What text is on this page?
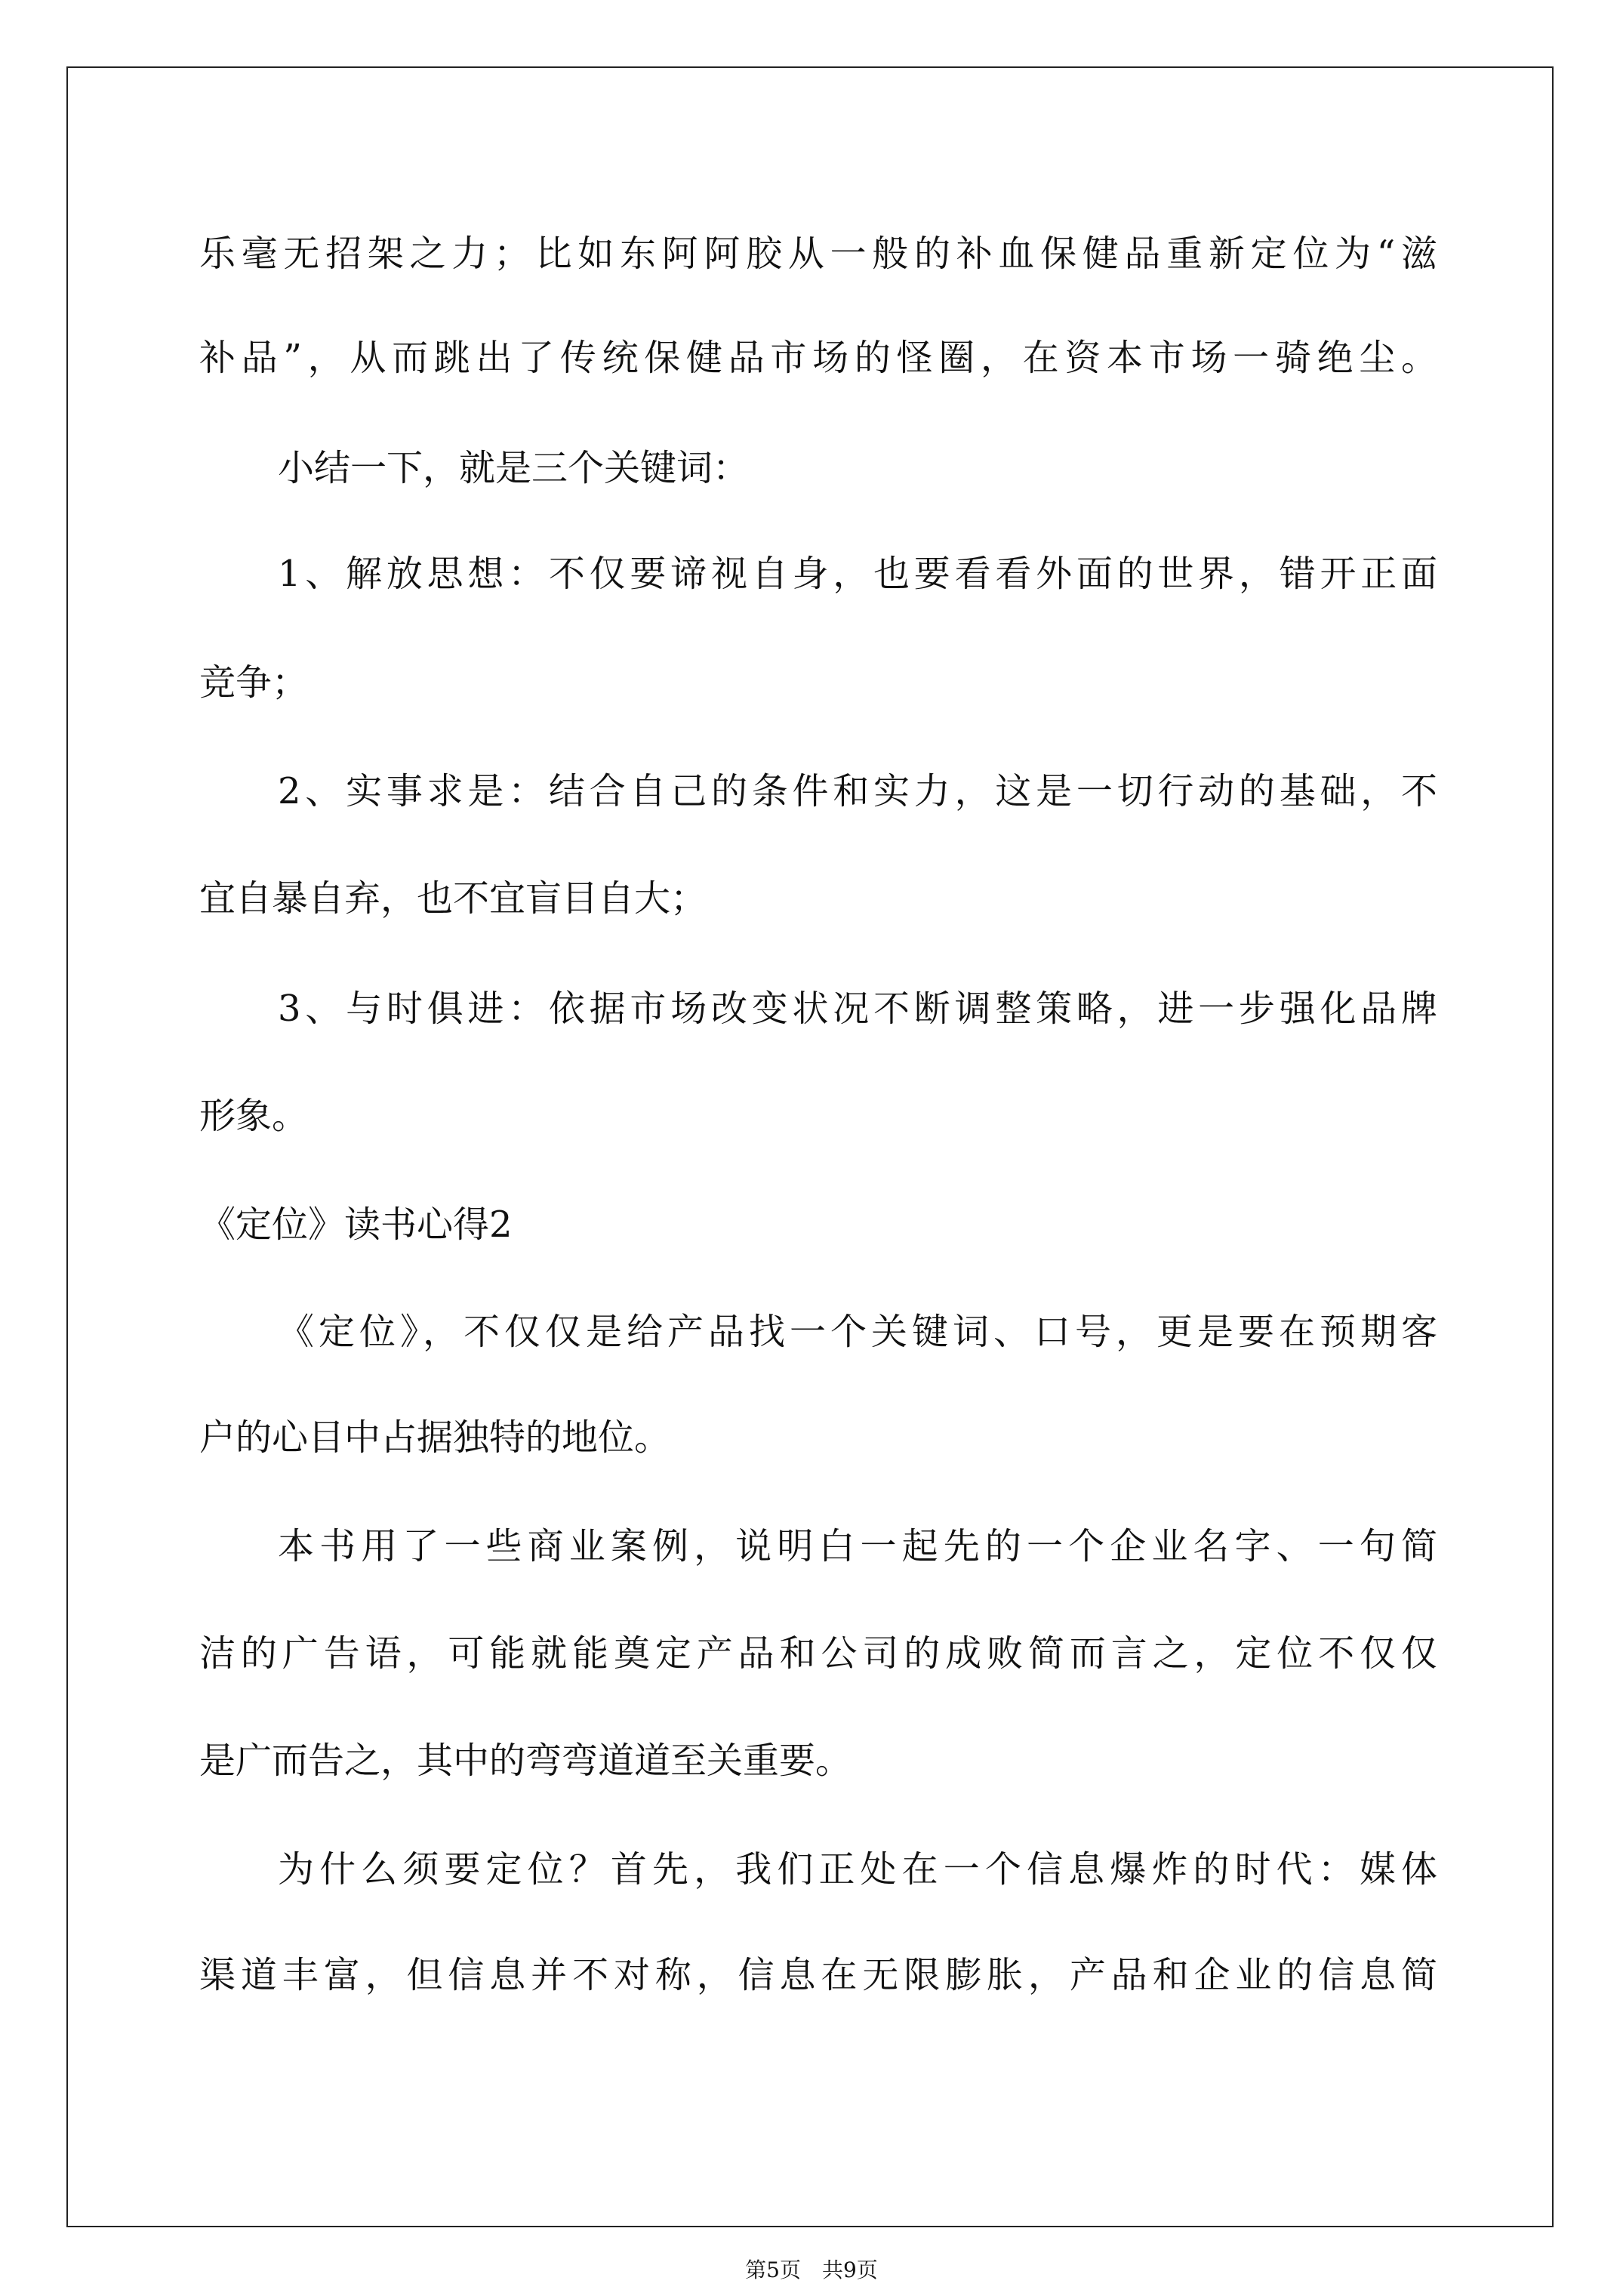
乐毫无招架之力；比如东阿阿胶从一般的补血保健品重新定位为“滋
补品”，从而跳出了传统保健品市场的怪圈，在资本市场一骑绝尘。
小结一下，就是三个关键词：
1、解放思想：不仅要谛视自身，也要看看外面的世界，错开正面
竞争；
2、实事求是：结合自己的条件和实力，这是一切行动的基础，不
宜自暴自弃，也不宜盲目自大；
3、与时俱进：依据市场改变状况不断调整策略，进一步强化品牌
形象。
《定位》读书心得2
《定位》，不仅仅是给产品找一个关键词、口号，更是要在预期客
户的心目中占据独特的地位。
本书用了一些商业案例，说明白一起先的一个企业名字、一句简
洁的广告语，可能就能奠定产品和公司的成败简而言之，定位不仅仅
是广而告之，其中的弯弯道道至关重要。
为什么须要定位？首先，我们正处在一个信息爆炸的时代：媒体
渠道丰富，但信息并不对称，信息在无限膨胀，产品和企业的信息简
第5页　共9页
